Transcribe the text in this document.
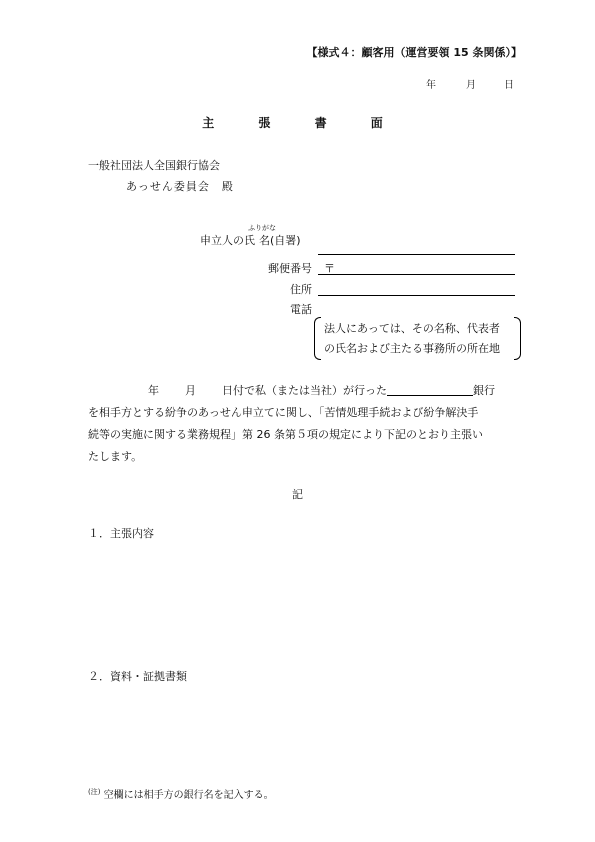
【様式４：顧客用（運営要領 15 条関係）】
年	月	日
主 張 書 面
一般社団法人全国銀行協会
あっせん委員会　殿
ふりがな
申立人の氏 名(自署)
郵便番号 〒
住所
電話
法人にあっては、その名称、代表者
の氏名および主たる事務所の所在地
年 月 日付で私（または当社）が行った	銀行
を相手方とする紛争のあっせん申立てに関し、「苦情処理手続および紛争解決手
続等の実施に関する業務規程」第 26 条第５項の規定により下記のとおり主張い
たします。
記
１．主張内容
２．資料・証拠書類
$^{(注)}$ 空欄には相手方の銀行名を記入する。
